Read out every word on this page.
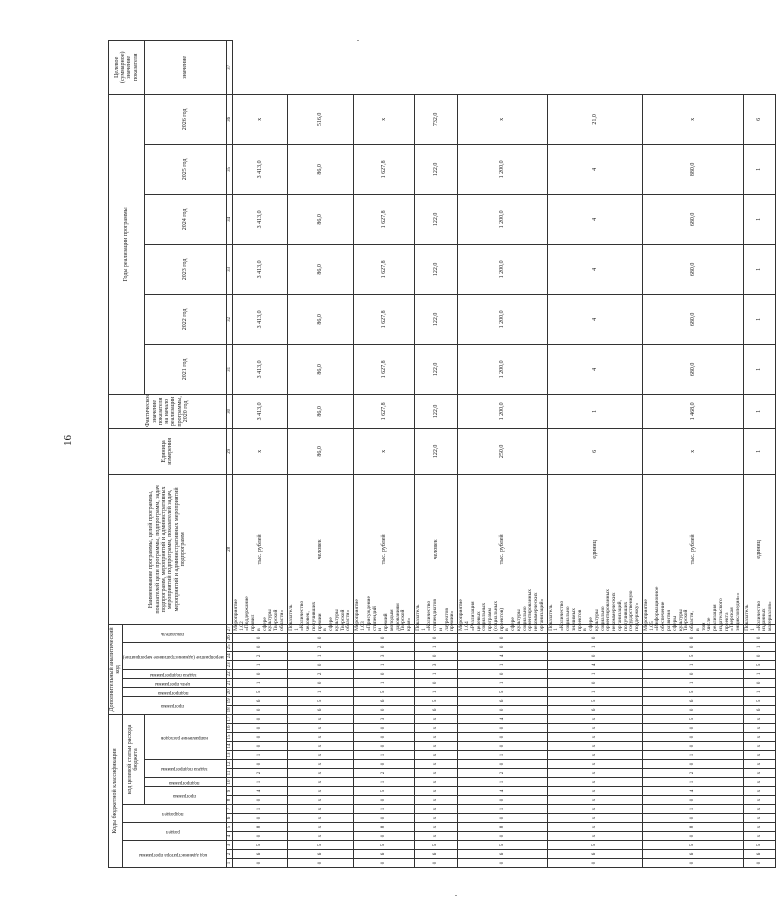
16
Коды бюджетной классификации																	Дополнительный аналитический код										Наименование программы, целей программы, показателей цели программы, подпрограмм, задач подпрограмм, мероприятий и административных мероприятий подпрограмм, показателей задач, мероприятий и административных мероприятий подпрограмм	Единица измерения	Фактическое значение показателя на начало реализации программы, 2020 год	Годы реализации программы						Целевое (суммарное) значение показателя
код администратора программы			раздел		подраздел		код целевой статьи расхода бюджета										программа		подпрограмма	цель программы	задача подпрограммы	мероприятие (административное мероприятие)			показатель											
							программа		подпрограмма	задача подпрограммы		направление расходов																		2021 год	2022 год	2023 год	2024 год	2025 год	2026 год	значение
1	2	3	4	5	6	7	8	9	10	11	12	13	14	15	16	17	18	19	20	21	22	23	24	25	26	27	28	29	30	31	32	33	34	35	36	37
0	6	5	0	8	0	1	0	4	1	2	0	1	0	0	0	0	0	6	5	1	0	1	2	0	0	Мероприятие 1.02 «Поддержание правил в сфере культуры Тверской области»	тыс. рублей	x	3 413,0	3 413,0	3 413,0	3 413,0	3 413,0	3 413,0	x	
0	6	5	x	x	x	x	x	x	x	x	x	x	x	x	x	x	6	5	1	0	2	0	1	2	0	Показатель 1 «Количество человек, получивших премии в сфере культуры Тверской области»	человек	86,0	86,0	86,0	86,0	86,0	86,0	86,0	516,0	
0	6	5	0	8	0	1	0	5	1	2	0	1	0	0	0	3	0	6	5	1	0	1	3	0	0	Мероприятие 1.03 «Присуждение стипендий и премий молодым дарованиям Тверской края»	тыс. рублей	x	1 627,8	1 627,8	1 627,8	1 627,8	1 627,8	1 627,8	x	
0	6	5	x	x	x	x	x	x	x	x	x	x	x	x	x	x	6	5	1	0	1	3	0	1	0	Показатель 1 «Количество стипендиатов и лауреатов премии»	человек	122,0	122,0	122,0	122,0	122,0	122,0	122,0	732,0	
0	6	5	0	8	0	1	0	4	1	2	0	1	0	0	0	4	0	6	5	1	0	1	4	0	0	Мероприятие 1.04 «Реализация целевых социальных программ (социальных проектов) в сфере культуры социально ориентированных некоммерческих организаций»	тыс. рублей	250,0	1 200,0	1 200,0	1 200,0	1 200,0	1 200,0	1 200,0	x	
0	6	5	x	x	x	x	x	x	x	x	x	x	x	x	x	x	6	5	1	0	1	4	0	1	0	Показатель 1 «Количество социально значимых проектов в сфере культуры социально ориентированных некоммерческих организаций, получивших государственную поддержку»	единиц	6	1	4	4	4	4	4	21,0	
0	6	5	0	8	0	1	0	4	1	2	0	1	0	0	0	5	0	6	5	1	0	1	5	0	0	Мероприятие 1.05 «Информационное обеспечение развития сферы культуры Тверской области, в том числе реализация издательского проекта «Тверская энциклопедия»»	тыс. рублей	x	1 468,0	680,0	680,0	680,0	680,0	880,0	x	
0	6	5	x	x	x	x	x	x	x	x	x	x	x	x	x	x	6	5	1	0	1	5	0	1	0	Показатель 1 «Количество изданных материалов»	единиц	1	1	1	1	1	1	1	6	
